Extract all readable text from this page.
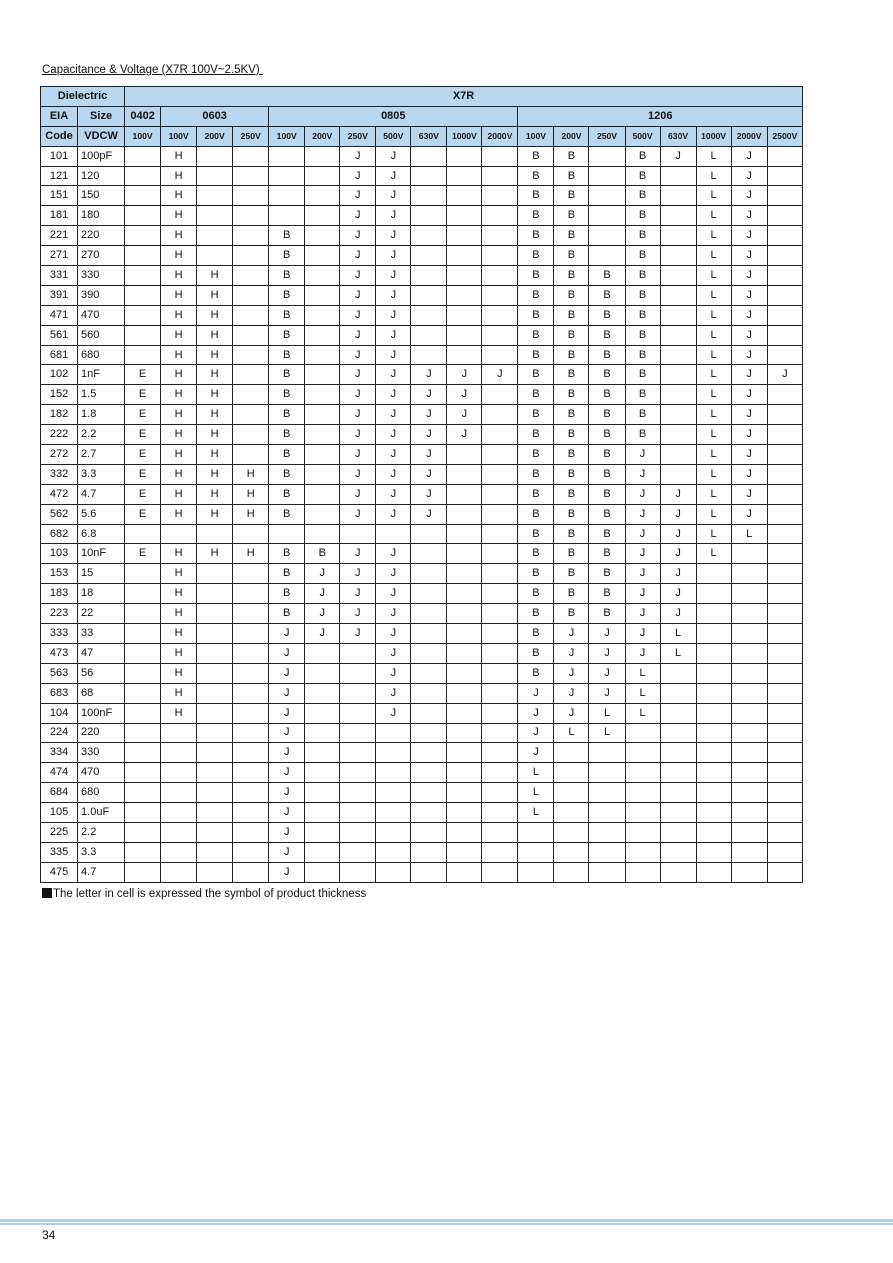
Capacitance & Voltage (X7R 100V~2.5KV)
Dielectric		X7R																		
EIA	Size	0402	0603			0805							1206							
Code	VDCW	100V	100V	200V	250V	100V	200V	250V	500V	630V	1000V	2000V	100V	200V	250V	500V	630V	1000V	2000V	2500V
101	100pF		H					J	J				B	B		B	J	L	J	
121	120		H					J	J				B	B		B		L	J	
151	150		H					J	J				B	B		B		L	J	
181	180		H					J	J				B	B		B		L	J	
221	220		H			B		J	J				B	B		B		L	J	
271	270		H			B		J	J				B	B		B		L	J	
331	330		H	H		B		J	J				B	B	B	B		L	J	
391	390		H	H		B		J	J				B	B	B	B		L	J	
471	470		H	H		B		J	J				B	B	B	B		L	J	
561	560		H	H		B		J	J				B	B	B	B		L	J	
681	680		H	H		B		J	J				B	B	B	B		L	J	
102	1nF	E	H	H		B		J	J	J	J	J	B	B	B	B		L	J	J
152	1.5	E	H	H		B		J	J	J	J		B	B	B	B		L	J	
182	1.8	E	H	H		B		J	J	J	J		B	B	B	B		L	J	
222	2.2	E	H	H		B		J	J	J	J		B	B	B	B		L	J	
272	2.7	E	H	H		B		J	J	J			B	B	B	J		L	J	
332	3.3	E	H	H	H	B		J	J	J			B	B	B	J		L	J	
472	4.7	E	H	H	H	B		J	J	J			B	B	B	J	J	L	J	
562	5.6	E	H	H	H	B		J	J	J			B	B	B	J	J	L	J	
682	6.8												B	B	B	J	J	L	L	
103	10nF	E	H	H	H	B	B	J	J				B	B	B	J	J	L		
153	15		H			B	J	J	J				B	B	B	J	J			
183	18		H			B	J	J	J				B	B	B	J	J			
223	22		H			B	J	J	J				B	B	B	J	J			
333	33		H			J	J	J	J				B	J	J	J	L			
473	47		H			J			J				B	J	J	J	L			
563	56		H			J			J				B	J	J	L				
683	68		H			J			J				J	J	J	L				
104	100nF		H			J			J				J	J	L	L				
224	220					J							J	L	L					
334	330					J							J							
474	470					J							L							
684	680					J							L							
105	1.0uF					J							L							
225	2.2					J														
335	3.3					J														
475	4.7					J														
The letter in cell is expressed the symbol of product thickness
34
